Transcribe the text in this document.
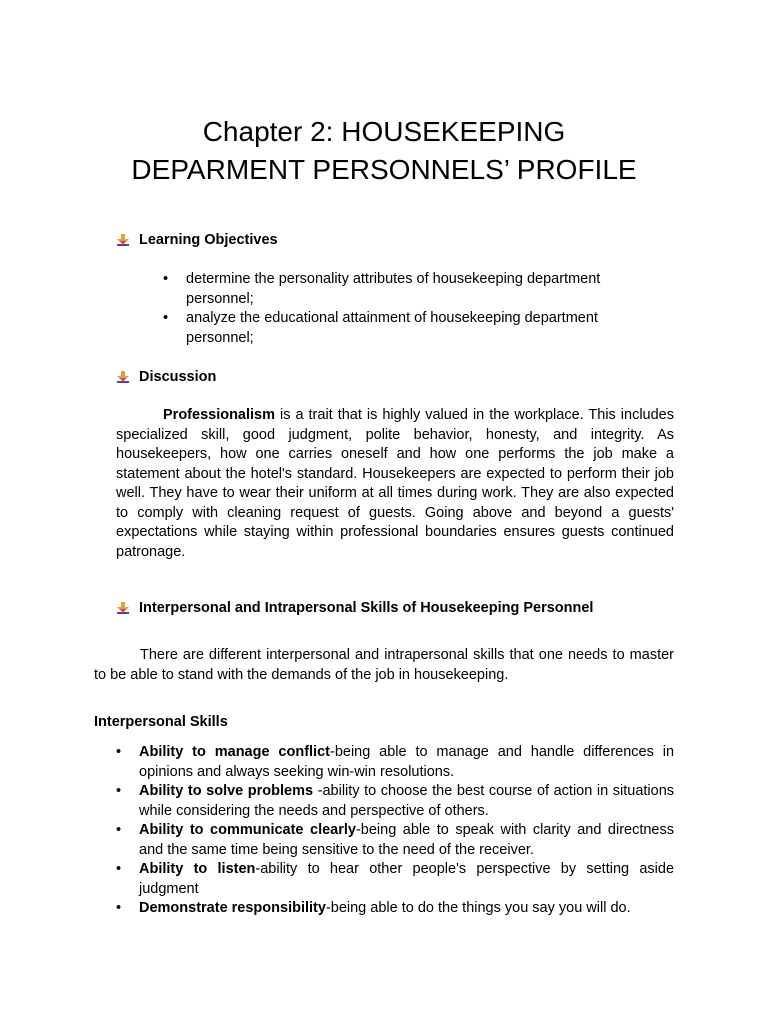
Chapter 2: HOUSEKEEPING
DEPARMENT PERSONNELS’ PROFILE
Learning Objectives
• determine the personality attributes of housekeeping department personnel;
• analyze the educational attainment of housekeeping department personnel;
Discussion

Professionalism is a trait that is highly valued in the workplace. This includes specialized skill, good judgment, polite behavior, honesty, and integrity. As housekeepers, how one carries oneself and how one performs the job make a statement about the hotel's standard. Housekeepers are expected to perform their job well. They have to wear their uniform at all times during work. They are also expected to comply with cleaning request of guests. Going above and beyond a guests' expectations while staying within professional boundaries ensures guests continued patronage.

Interpersonal and Intrapersonal Skills of Housekeeping Personnel

There are different interpersonal and intrapersonal skills that one needs to master to be able to stand with the demands of the job in housekeeping.

Interpersonal Skills
• Ability to manage conflict-being able to manage and handle differences in opinions and always seeking win-win resolutions.
• Ability to solve problems -ability to choose the best course of action in situations while considering the needs and perspective of others.
• Ability to communicate clearly-being able to speak with clarity and directness and the same time being sensitive to the need of the receiver.
• Ability to listen-ability to hear other people's perspective by setting aside judgment
• Demonstrate responsibility-being able to do the things you say you will do.
